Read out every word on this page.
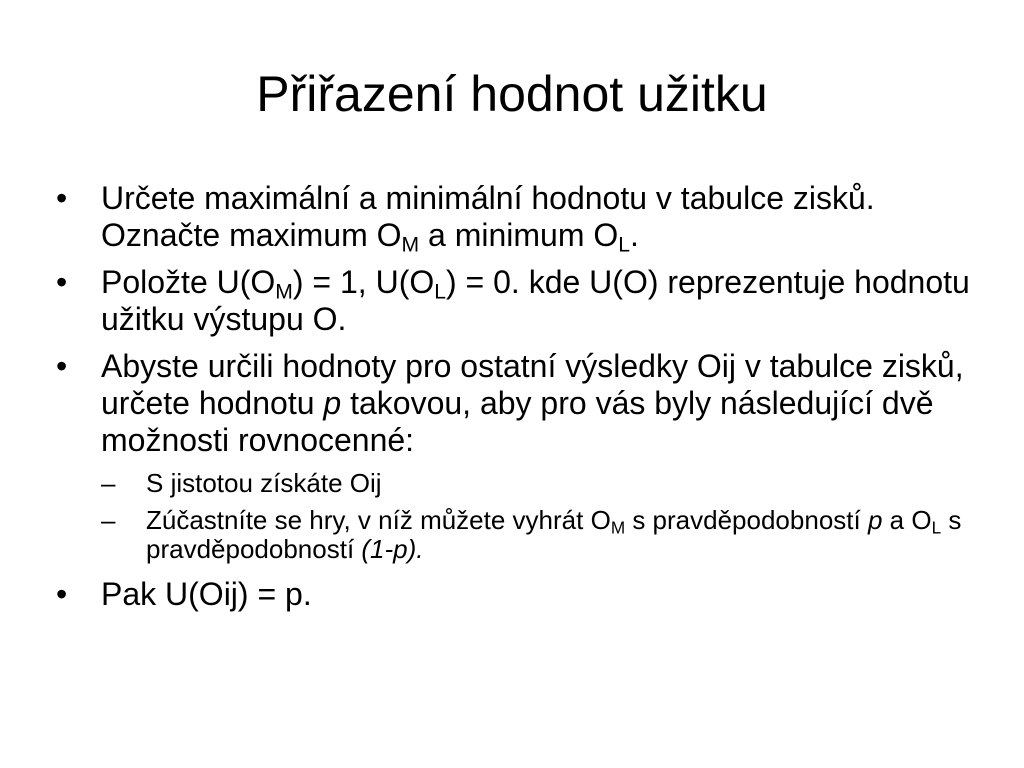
Přiřazení hodnot užitku
•	Určete maximální a minimální hodnotu v tabulce zisků. Označte maximum $O_M$ a minimum $O_L$.
•	Položte $U(O_M) = 1$, $U(O_L) = 0$. kde U(O) reprezentuje hodnotu užitku výstupu O.
•	Abyste určili hodnoty pro ostatní výsledky Oij v tabulce zisků, určete hodnotu p takovou, aby pro vás byly následující dvě možnosti rovnocenné:
–	S jistotou získáte Oij
–	Zúčastníte se hry, v níž můžete vyhrát $O_M$ s pravděpodobností p a $O_L$ s pravděpodobností (1-p).
•	Pak U(Oij) = p.
